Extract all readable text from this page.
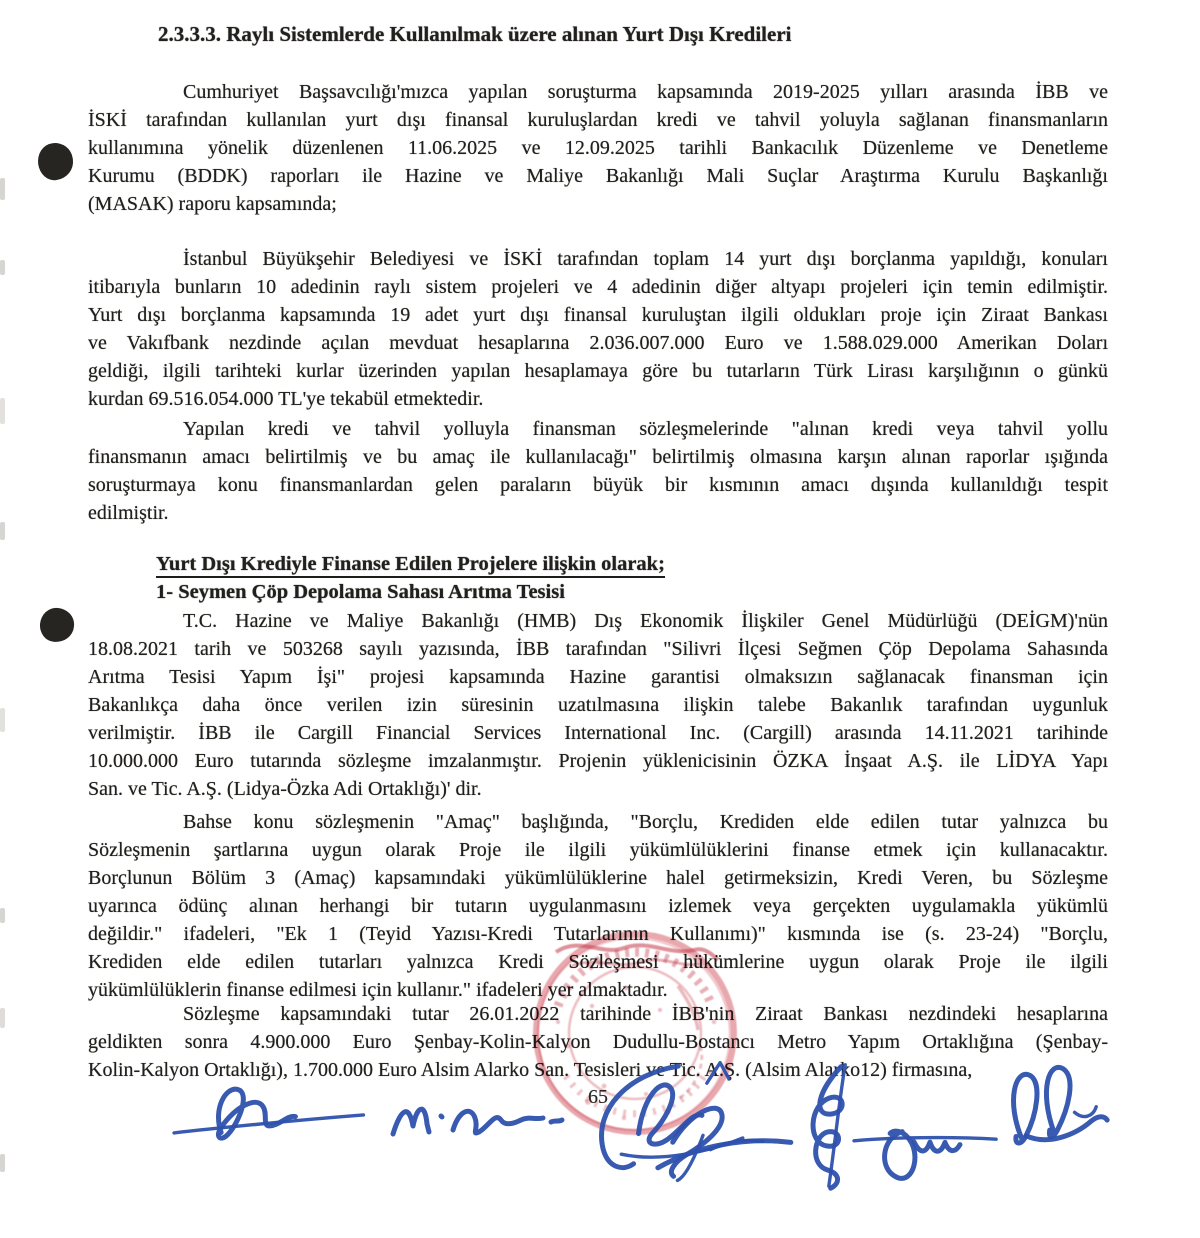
2.3.3.3. Raylı Sistemlerde Kullanılmak üzere alınan Yurt Dışı Kredileri
Cumhuriyet Başsavcılığı'mızca yapılan soruşturma kapsamında 2019-2025 yılları arasında İBB ve
İSKİ tarafından kullanılan yurt dışı finansal kuruluşlardan kredi ve tahvil yoluyla sağlanan finansmanların
kullanımına yönelik düzenlenen 11.06.2025 ve 12.09.2025 tarihli Bankacılık Düzenleme ve Denetleme
Kurumu (BDDK) raporları ile Hazine ve Maliye Bakanlığı Mali Suçlar Araştırma Kurulu Başkanlığı
(MASAK) raporu kapsamında;
İstanbul Büyükşehir Belediyesi ve İSKİ tarafından toplam 14 yurt dışı borçlanma yapıldığı, konuları
itibarıyla bunların 10 adedinin raylı sistem projeleri ve 4 adedinin diğer altyapı projeleri için temin edilmiştir.
Yurt dışı borçlanma kapsamında 19 adet yurt dışı finansal kuruluştan ilgili oldukları proje için Ziraat Bankası
ve Vakıfbank nezdinde açılan mevduat hesaplarına 2.036.007.000 Euro ve 1.588.029.000 Amerikan Doları
geldiği, ilgili tarihteki kurlar üzerinden yapılan hesaplamaya göre bu tutarların Türk Lirası karşılığının o günkü
kurdan 69.516.054.000 TL'ye tekabül etmektedir.
Yapılan kredi ve tahvil yolluyla finansman sözleşmelerinde "alınan kredi veya tahvil yollu
finansmanın amacı belirtilmiş ve bu amaç ile kullanılacağı" belirtilmiş olmasına karşın alınan raporlar ışığında
soruşturmaya konu finansmanlardan gelen paraların büyük bir kısmının amacı dışında kullanıldığı tespit
edilmiştir.
Yurt Dışı Krediyle Finanse Edilen Projelere ilişkin olarak;
1- Seymen Çöp Depolama Sahası Arıtma Tesisi
T.C. Hazine ve Maliye Bakanlığı (HMB) Dış Ekonomik İlişkiler Genel Müdürlüğü (DEİGM)'nün
18.08.2021 tarih ve 503268 sayılı yazısında, İBB tarafından "Silivri İlçesi Seğmen Çöp Depolama Sahasında
Arıtma Tesisi Yapım İşi" projesi kapsamında Hazine garantisi olmaksızın sağlanacak finansman için
Bakanlıkça daha önce verilen izin süresinin uzatılmasına ilişkin talebe Bakanlık tarafından uygunluk
verilmiştir. İBB ile Cargill Financial Services International Inc. (Cargill) arasında 14.11.2021 tarihinde
10.000.000 Euro tutarında sözleşme imzalanmıştır. Projenin yüklenicisinin ÖZKA İnşaat A.Ş. ile LİDYA Yapı
San. ve Tic. A.Ş. (Lidya-Özka Adi Ortaklığı)' dir.
Bahse konu sözleşmenin "Amaç" başlığında, "Borçlu, Krediden elde edilen tutar yalnızca bu
Sözleşmenin şartlarına uygun olarak Proje ile ilgili yükümlülüklerini finanse etmek için kullanacaktır.
Borçlunun Bölüm 3 (Amaç) kapsamındaki yükümlülüklerine halel getirmeksizin, Kredi Veren, bu Sözleşme
uyarınca ödünç alınan herhangi bir tutarın uygulanmasını izlemek veya gerçekten uygulamakla yükümlü
değildir." ifadeleri, "Ek 1 (Teyid Yazısı-Kredi Tutarlarının Kullanımı)" kısmında ise (s. 23-24) "Borçlu,
Krediden elde edilen tutarları yalnızca Kredi Sözleşmesi hükümlerine uygun olarak Proje ile ilgili
yükümlülüklerin finanse edilmesi için kullanır." ifadeleri yer almaktadır.
Sözleşme kapsamındaki tutar 26.01.2022 tarihinde İBB'nin Ziraat Bankası nezdindeki hesaplarına
geldikten sonra 4.900.000 Euro Şenbay-Kolin-Kalyon Dudullu-Bostancı Metro Yapım Ortaklığına (Şenbay-
Kolin-Kalyon Ortaklığı), 1.700.000 Euro Alsim Alarko San. Tesisleri ve Tic. A.Ş. (Alsim Alarko12) firmasına,
65
